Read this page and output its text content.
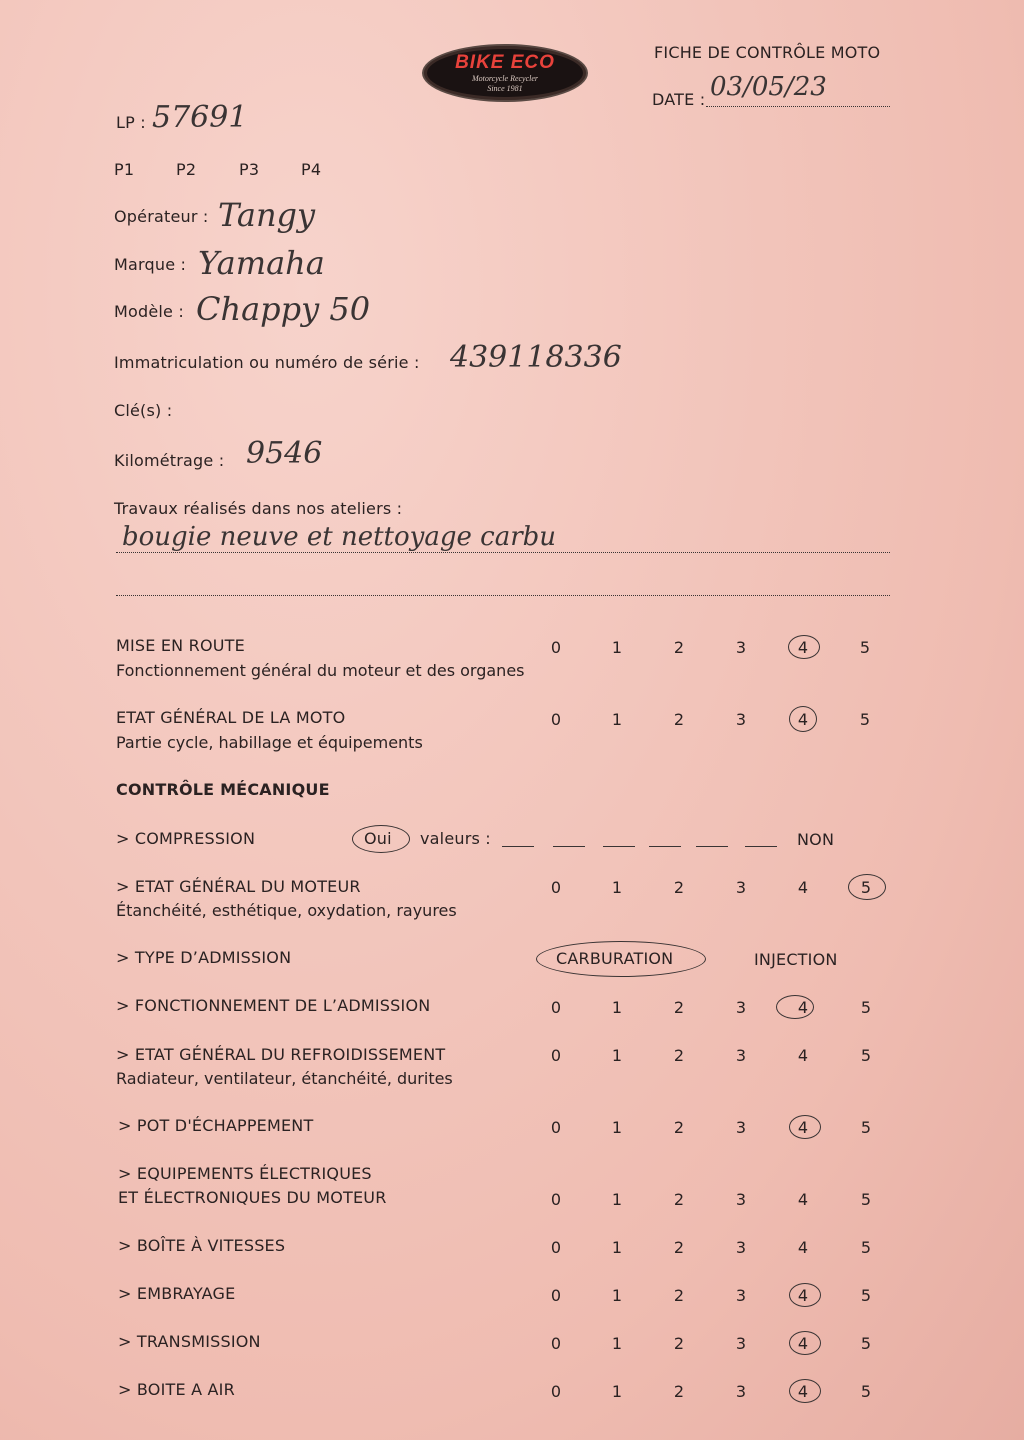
BIKE ECO
Motorcycle Recycler
Since 1981
FICHE DE CONTRÔLE MOTO
DATE : 03/05/23
LP : 57691
P1	P2	P3	P4
Opérateur : Tangy
Marque : Yamaha
Modèle : Chappy 50
Immatriculation ou numéro de série : 439118336
Clé(s) :
Kilométrage : 9546
Travaux réalisés dans nos ateliers :
bougie neuve et nettoyage carbu
MISE EN ROUTE
Fonctionnement général du moteur et des organes
0	1	2	3	4	5
ETAT GÉNÉRAL DE LA MOTO
Partie cycle, habillage et équipements
0	1	2	3	4	5
CONTRÔLE MÉCANIQUE
> COMPRESSION	Oui valeurs :	NON
> ETAT GÉNÉRAL DU MOTEUR
Étanchéité, esthétique, oxydation, rayures
0	1	2	3	4	5
> TYPE D’ADMISSION	CARBURATION	INJECTION
> FONCTIONNEMENT DE L’ADMISSION	0	1	2	3	4	5
> ETAT GÉNÉRAL DU REFROIDISSEMENT
Radiateur, ventilateur, étanchéité, durites
0	1	2	3	4	5
> POT D'ÉCHAPPEMENT	0	1	2	3	4	5
> EQUIPEMENTS ÉLECTRIQUES
ET ÉLECTRONIQUES DU MOTEUR	0	1	2	3	4	5
> BOÎTE À VITESSES	0	1	2	3	4	5
> EMBRAYAGE	0	1	2	3	4	5
> TRANSMISSION	0	1	2	3	4	5
> BOITE A AIR	0	1	2	3	4	5
